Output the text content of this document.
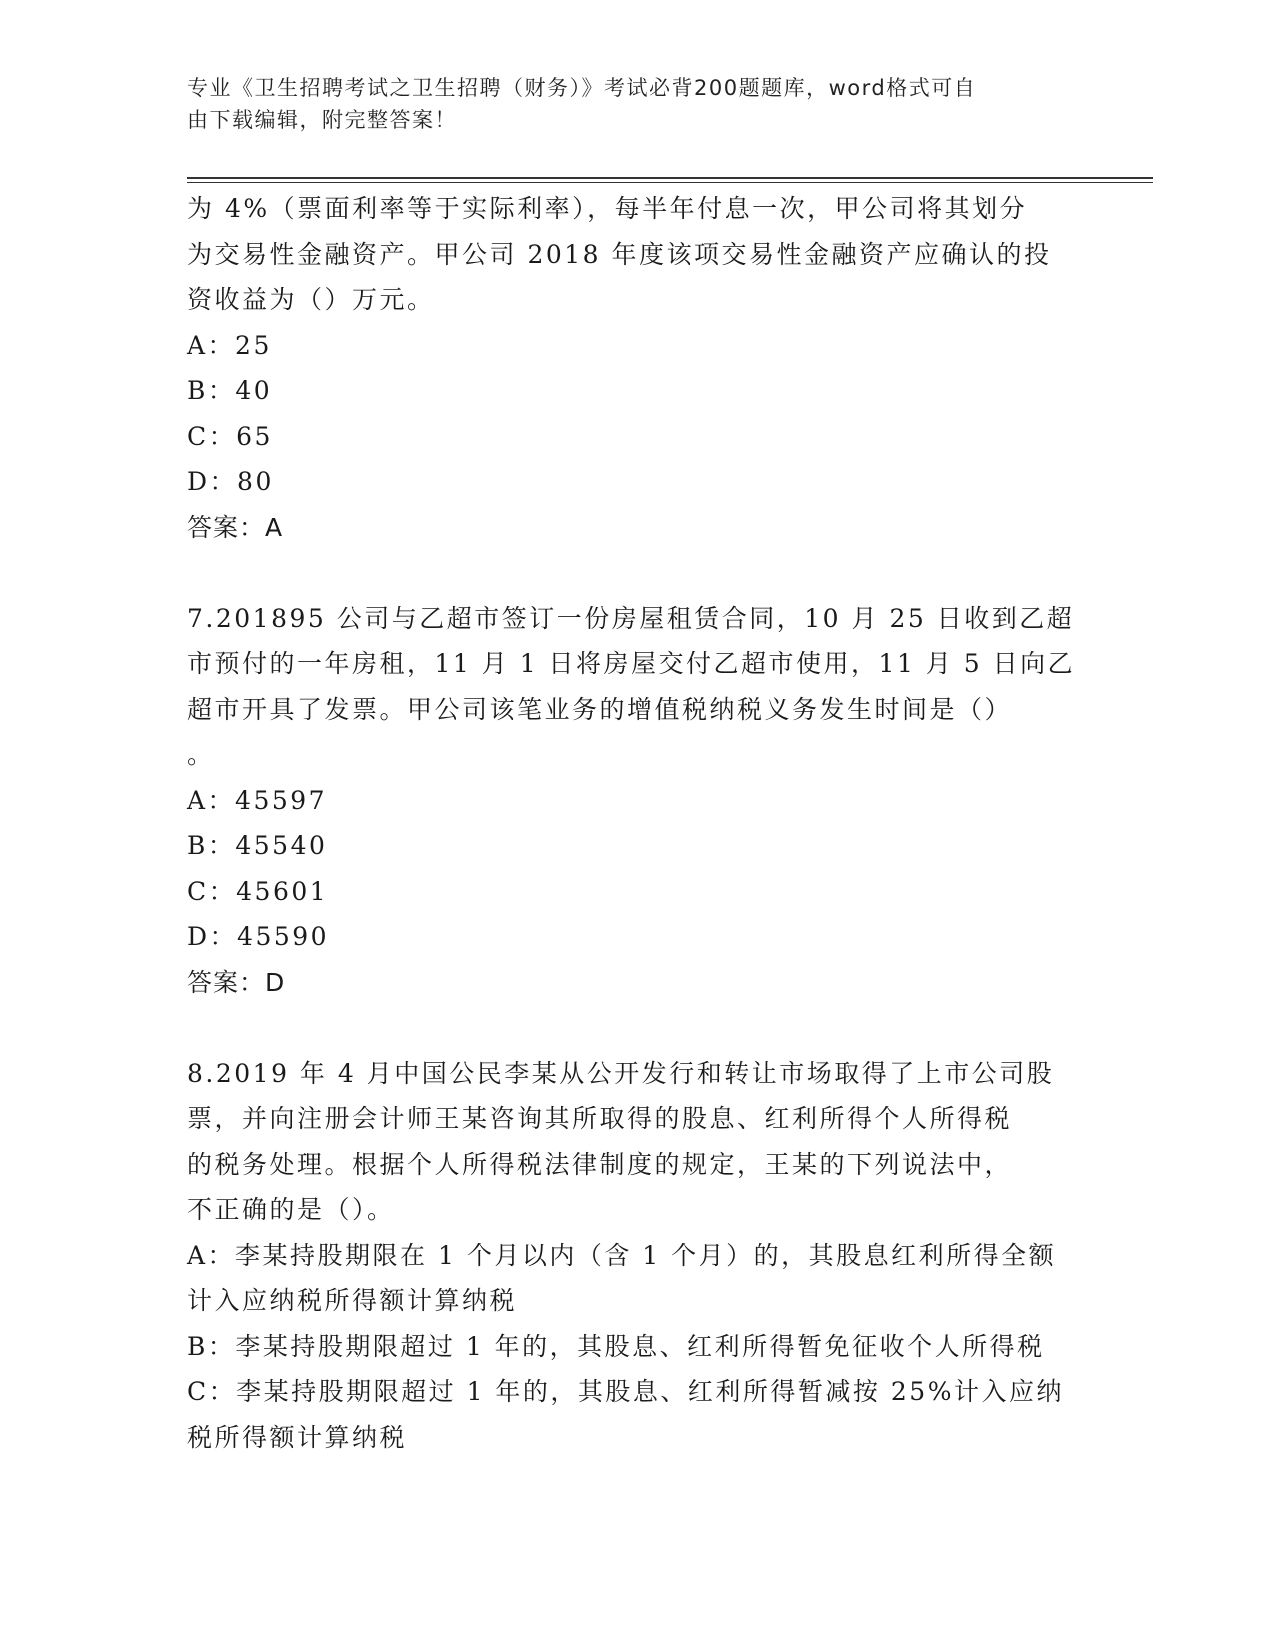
专业《卫生招聘考试之卫生招聘（财务）》考试必背200题题库，word格式可自
由下载编辑，附完整答案！
为 4%（票面利率等于实际利率），每半年付息一次，甲公司将其划分
为交易性金融资产。甲公司 2018 年度该项交易性金融资产应确认的投
资收益为（）万元。
A：25
B：40
C：65
D：80
答案：A
7.201895 公司与乙超市签订一份房屋租赁合同，10 月 25 日收到乙超
市预付的一年房租，11 月 1 日将房屋交付乙超市使用，11 月 5 日向乙
超市开具了发票。甲公司该笔业务的增值税纳税义务发生时间是（）
。
A：45597
B：45540
C：45601
D：45590
答案：D
8.2019 年 4 月中国公民李某从公开发行和转让市场取得了上市公司股
票，并向注册会计师王某咨询其所取得的股息、红利所得个人所得税
的税务处理。根据个人所得税法律制度的规定，王某的下列说法中，
不正确的是（）。
A：李某持股期限在 1 个月以内（含 1 个月）的，其股息红利所得全额
计入应纳税所得额计算纳税
B：李某持股期限超过 1 年的，其股息、红利所得暂免征收个人所得税
C：李某持股期限超过 1 年的，其股息、红利所得暂减按 25%计入应纳
税所得额计算纳税
